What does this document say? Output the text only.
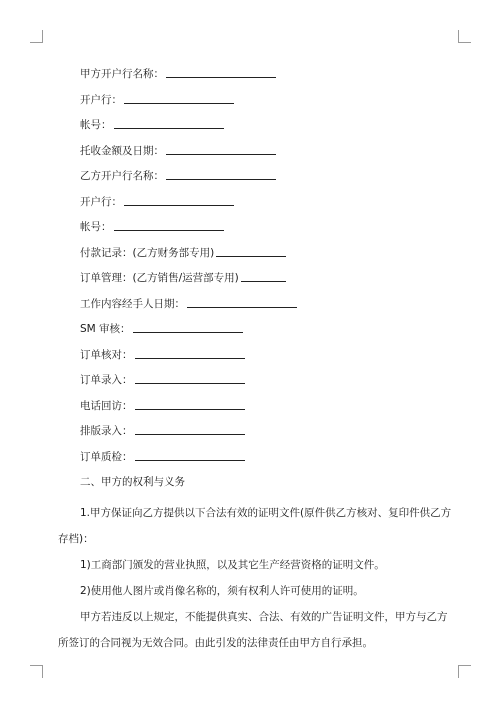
甲方开户行名称：
开户行：
帐号：
托收金额及日期：
乙方开户行名称：
开户行：
帐号：
付款记录：(乙方财务部专用)
订单管理：(乙方销售/运营部专用)
工作内容经手人日期：
SM 审核：
订单核对：
订单录入：
电话回访：
排版录入：
订单质检：
二、甲方的权利与义务
1.甲方保证向乙方提供以下合法有效的证明文件(原件供乙方核对、复印件供乙方
存档)：
1)工商部门颁发的营业执照，以及其它生产经营资格的证明文件。
2)使用他人图片或肖像名称的，须有权利人许可使用的证明。
甲方若违反以上规定，不能提供真实、合法、有效的广告证明文件，甲方与乙方
所签订的合同视为无效合同。由此引发的法律责任由甲方自行承担。
